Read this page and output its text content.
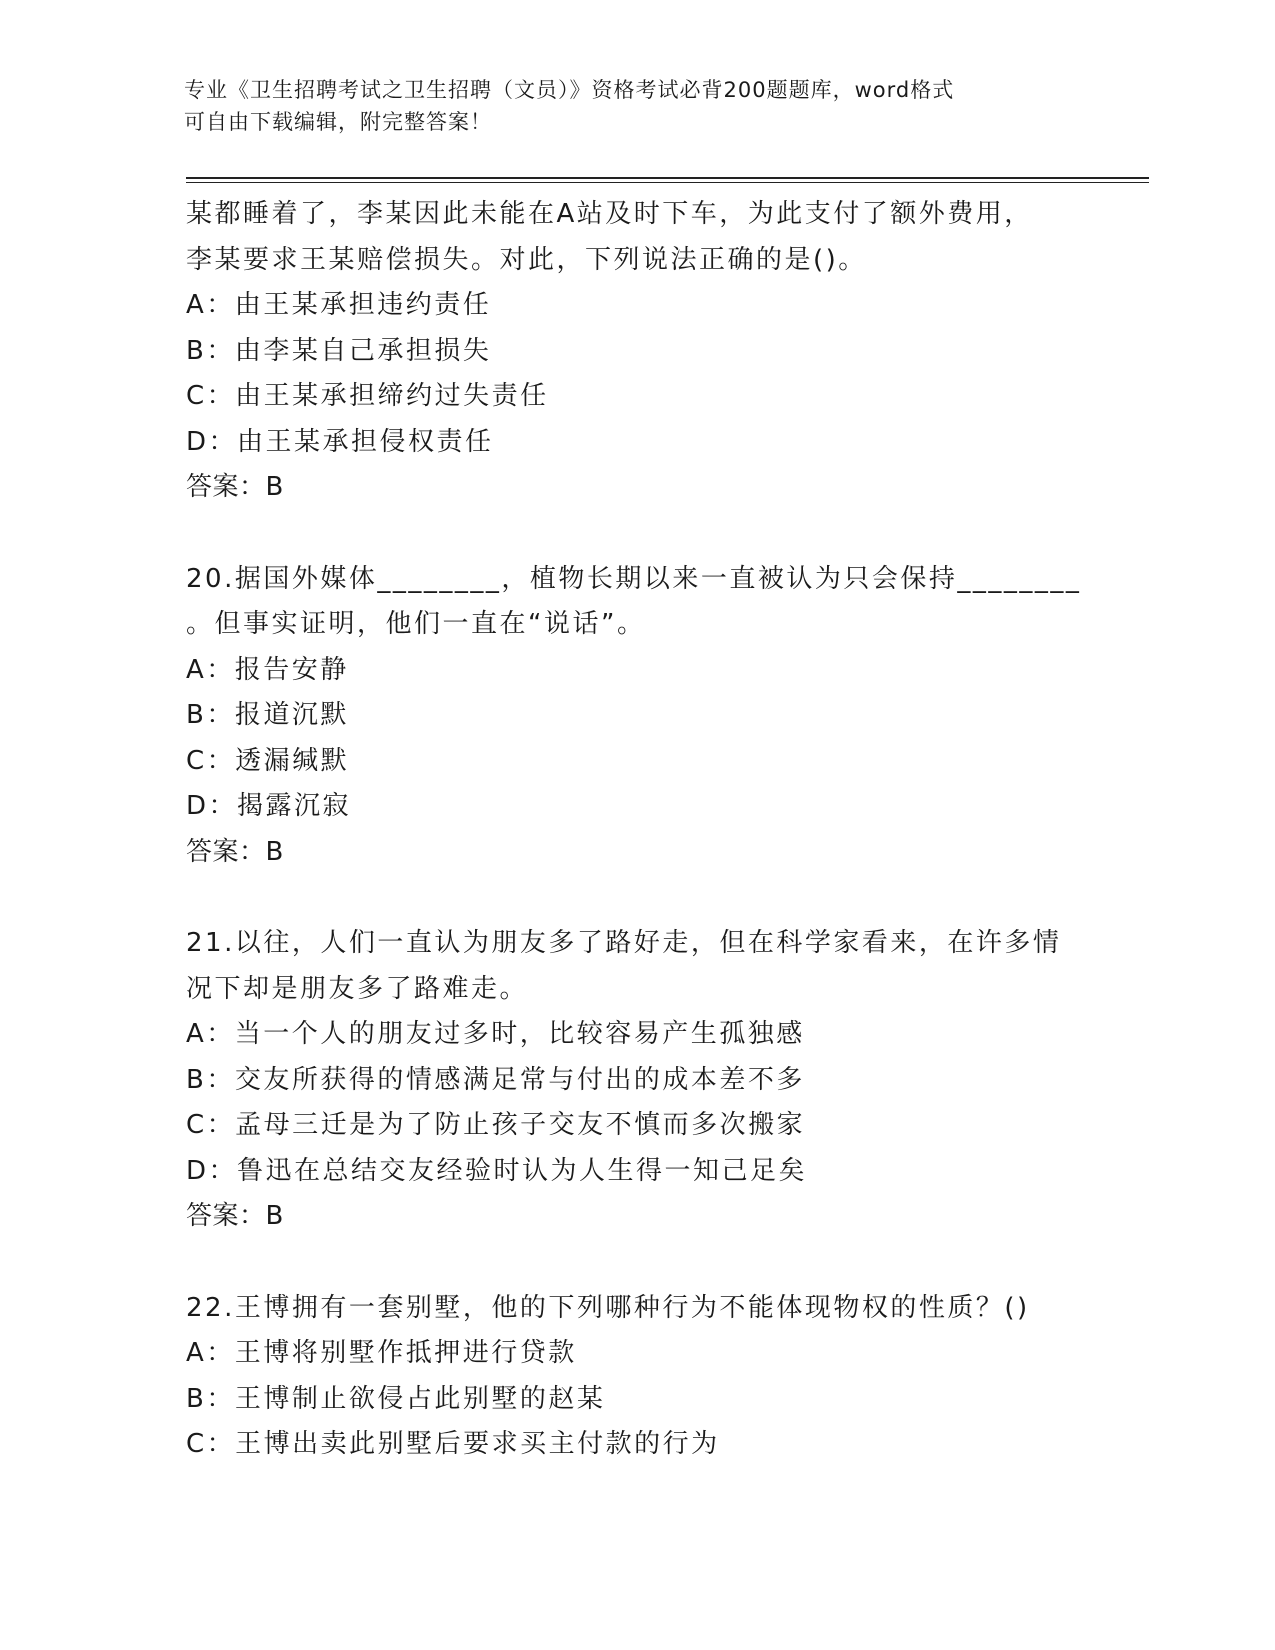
专业《卫生招聘考试之卫生招聘（文员）》资格考试必背200题题库，word格式
可自由下载编辑，附完整答案！
某都睡着了，李某因此未能在A站及时下车，为此支付了额外费用，
李某要求王某赔偿损失。对此，下列说法正确的是()。
A：由王某承担违约责任
B：由李某自己承担损失
C：由王某承担缔约过失责任
D：由王某承担侵权责任
答案：B
20.据国外媒体________，植物长期以来一直被认为只会保持________
。但事实证明，他们一直在“说话”。
A：报告安静
B：报道沉默
C：透漏缄默
D：揭露沉寂
答案：B
21.以往，人们一直认为朋友多了路好走，但在科学家看来，在许多情
况下却是朋友多了路难走。
A：当一个人的朋友过多时，比较容易产生孤独感
B：交友所获得的情感满足常与付出的成本差不多
C：孟母三迁是为了防止孩子交友不慎而多次搬家
D：鲁迅在总结交友经验时认为人生得一知己足矣
答案：B
22.王博拥有一套别墅，他的下列哪种行为不能体现物权的性质？()
A：王博将别墅作抵押进行贷款
B：王博制止欲侵占此别墅的赵某
C：王博出卖此别墅后要求买主付款的行为
